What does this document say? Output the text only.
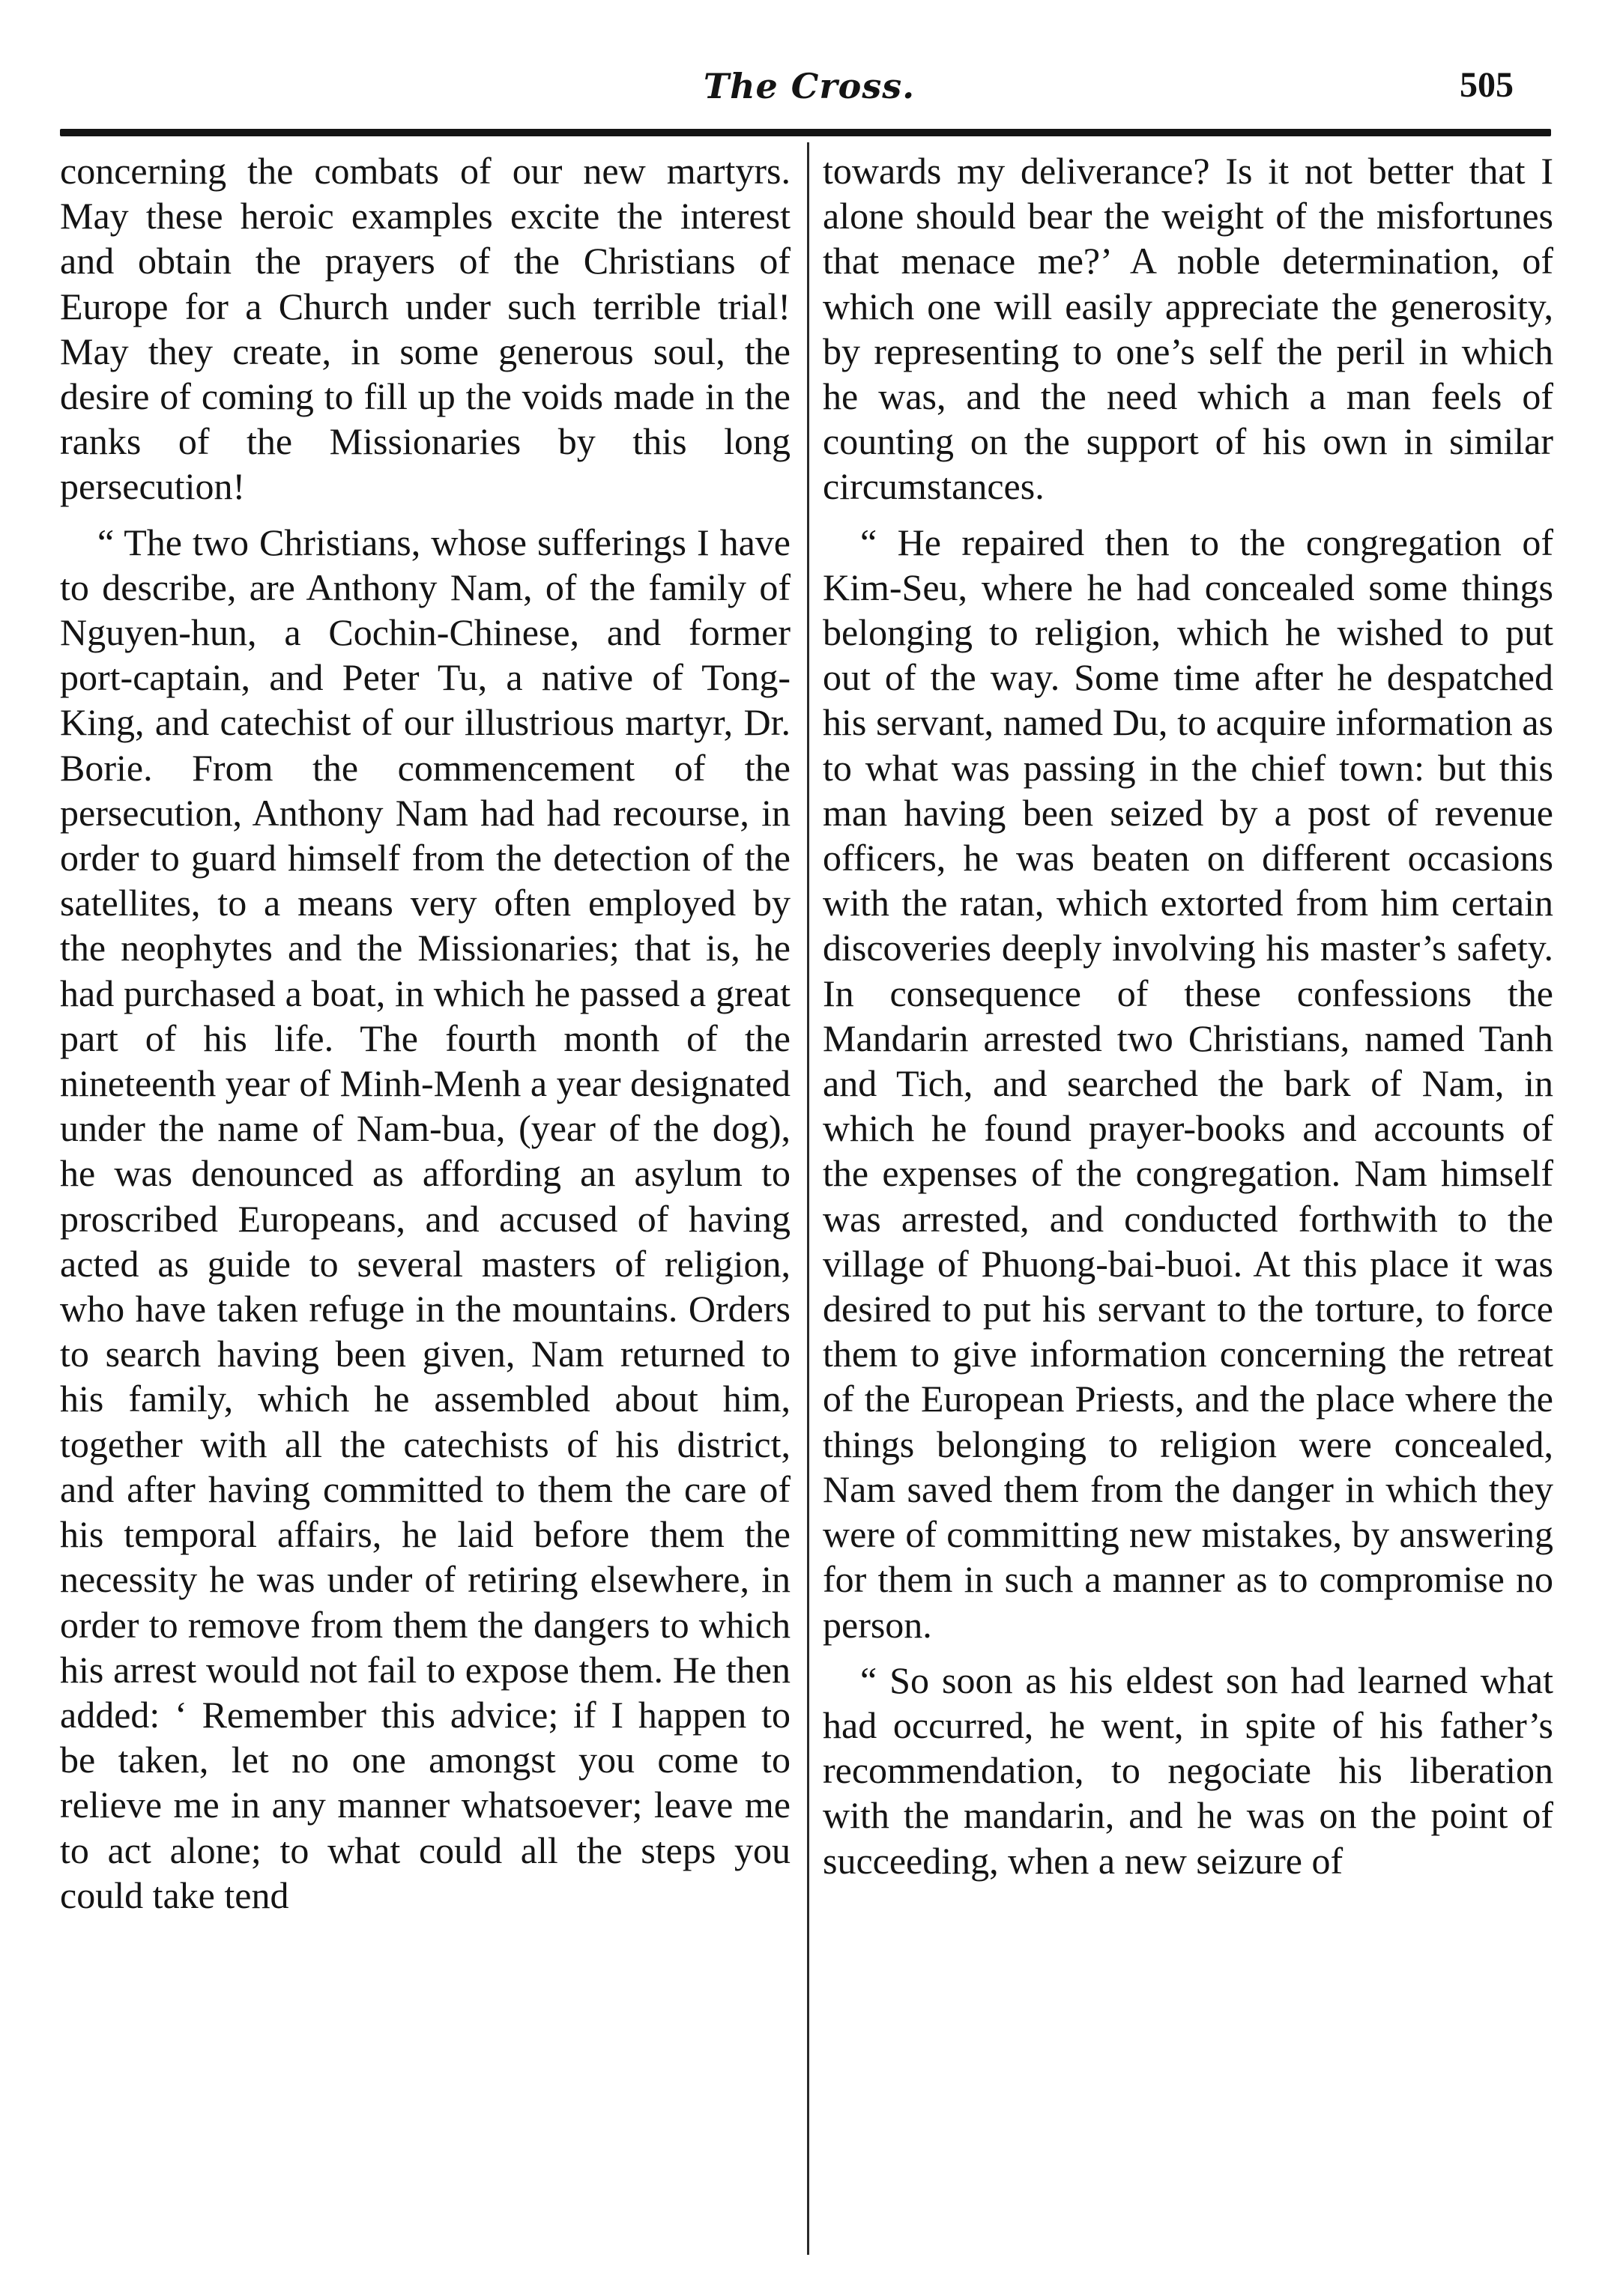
The Cross.	505

concerning the combats of our new martyrs. May these heroic examples excite the interest and obtain the prayers of the Christians of Europe for a Church under such terrible trial! May they create, in some generous soul, the desire of coming to fill up the voids made in the ranks of the Missionaries by this long persecution!

“ The two Christians, whose sufferings I have to describe, are Anthony Nam, of the family of Nguyen-hun, a Cochin-Chinese, and former port-captain, and Peter Tu, a native of Tong-King, and catechist of our illustrious martyr, Dr. Borie. From the commencement of the persecution, Anthony Nam had had recourse, in order to guard himself from the detection of the satellites, to a means very often employed by the neophytes and the Missionaries; that is, he had purchased a boat, in which he passed a great part of his life. The fourth month of the nineteenth year of Minh-Menh a year designated under the name of Nam-bua, (year of the dog), he was denounced as affording an asylum to proscribed Europeans, and accused of having acted as guide to several masters of religion, who have taken refuge in the mountains. Orders to search having been given, Nam returned to his family, which he assembled about him, together with all the catechists of his district, and after having committed to them the care of his temporal affairs, he laid before them the necessity he was under of retiring elsewhere, in order to remove from them the dangers to which his arrest would not fail to expose them. He then added: ‘ Remember this advice; if I happen to be taken, let no one amongst you come to relieve me in any manner whatsoever; leave me to act alone; to what could all the steps you could take tend

towards my deliverance? Is it not better that I alone should bear the weight of the misfortunes that menace me?’ A noble determination, of which one will easily appreciate the generosity, by representing to one’s self the peril in which he was, and the need which a man feels of counting on the support of his own in similar circumstances.

“ He repaired then to the congregation of Kim-Seu, where he had concealed some things belonging to religion, which he wished to put out of the way. Some time after he despatched his servant, named Du, to acquire information as to what was passing in the chief town: but this man having been seized by a post of revenue officers, he was beaten on different occasions with the ratan, which extorted from him certain discoveries deeply involving his master’s safety. In consequence of these confessions the Mandarin arrested two Christians, named Tanh and Tich, and searched the bark of Nam, in which he found prayer-books and accounts of the expenses of the congregation. Nam himself was arrested, and conducted forthwith to the village of Phuong-bai-buoi. At this place it was desired to put his servant to the torture, to force them to give information concerning the retreat of the European Priests, and the place where the things belonging to religion were concealed, Nam saved them from the danger in which they were of committing new mistakes, by answering for them in such a manner as to compromise no person.

“ So soon as his eldest son had learned what had occurred, he went, in spite of his father’s recommendation, to negociate his liberation with the mandarin, and he was on the point of succeeding, when a new seizure of
